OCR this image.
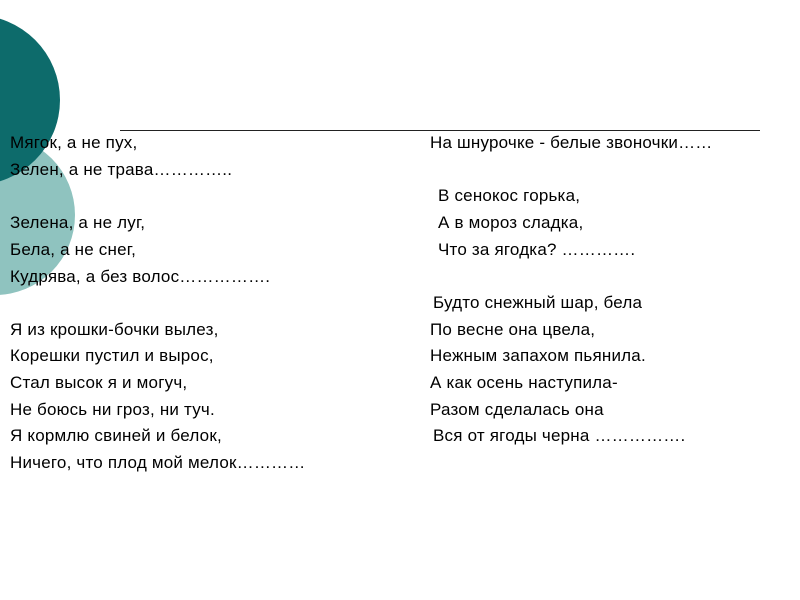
Мягок, а не пух,
Зелен, а не трава…………..
Зелена, а не луг,
Бела, а не снег,
Кудрява, а без волос…………….
Я из крошки-бочки вылез,
Корешки пустил и вырос,
Стал высок я и могуч,
Не боюсь ни гроз, ни туч.
Я кормлю свиней и белок,
Ничего, что плод мой мелок…………
На шнурочке - белые звоночки……
В сенокос горька,
А в мороз сладка,
Что за ягодка? ………….
Будто снежный шар, бела
По весне она цвела,
Нежным запахом пьянила.
А как осень наступила-
Разом сделалась она
Вся от ягоды черна …………….
